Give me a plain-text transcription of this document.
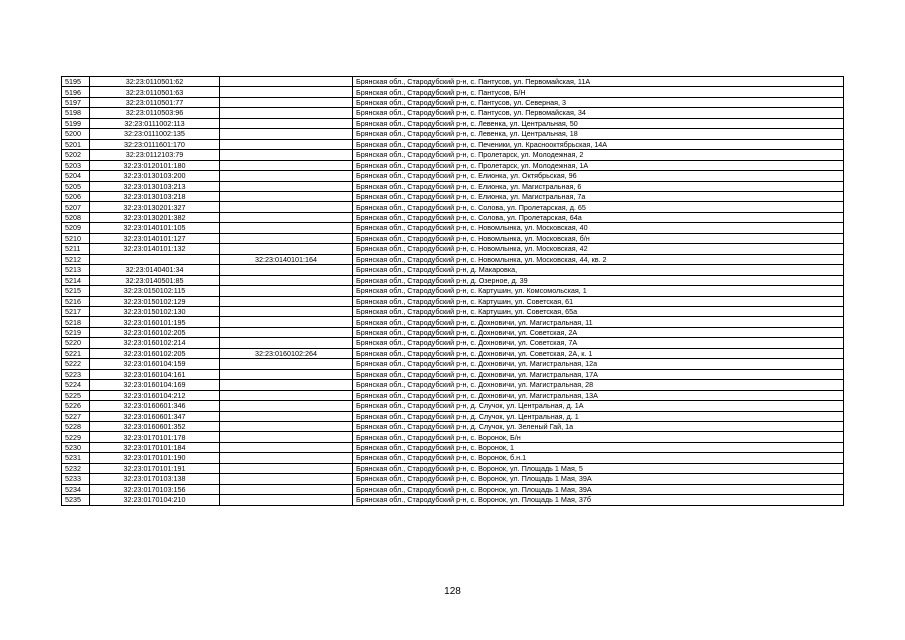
5195	32:23:0110501:62		Брянская обл., Стародубский р-н, с. Пантусов, ул. Первомайская, 11А
5196	32:23:0110501:63		Брянская обл., Стародубский р-н, с. Пантусов, Б/Н
5197	32:23:0110501:77		Брянская обл., Стародубский р-н, с. Пантусов, ул. Северная, 3
5198	32:23:0110503:96		Брянская обл., Стародубский р-н, с. Пантусов, ул. Первомайская, 34
5199	32:23:0111002:113		Брянская обл., Стародубский р-н, с. Левенка, ул. Центральная, 50
5200	32:23:0111002:135		Брянская обл., Стародубский р-н, с. Левенка, ул. Центральная, 18
5201	32:23:0111601:170		Брянская обл., Стародубский р-н, с. Печеники, ул. Краснооктябрьская, 14А
5202	32:23:0112103:79		Брянская обл., Стародубский р-н, с. Пролетарск, ул. Молодежная, 2
5203	32:23:0120101:180		Брянская обл., Стародубский р-н, с. Пролетарск, ул. Молодежная, 1А
5204	32:23:0130103:200		Брянская обл., Стародубский р-н, с. Елионка, ул. Октябрьская, 96
5205	32:23:0130103:213		Брянская обл., Стародубский р-н, с. Елионка, ул. Магистральная, 6
5206	32:23:0130103:218		Брянская обл., Стародубский р-н, с. Елионка, ул. Магистральная, 7а
5207	32:23:0130201:327		Брянская обл., Стародубский р-н, с. Солова, ул. Пролетарская, д. 65
5208	32:23:0130201:382		Брянская обл., Стародубский р-н, с. Солова, ул. Пролетарская, 64а
5209	32:23:0140101:105		Брянская обл., Стародубский р-н, с. Новомлынка, ул. Московская, 40
5210	32:23:0140101:127		Брянская обл., Стародубский р-н, с. Новомлынка, ул. Московская, б/н
5211	32:23:0140101:132		Брянская обл., Стародубский р-н, с. Новомлынка, ул. Московская, 42
5212		32:23:0140101:164	Брянская обл., Стародубский р-н, с. Новомлынка, ул. Московская, 44, кв. 2
5213	32:23:0140401:34		Брянская обл., Стародубский р-н, д. Макаровка,
5214	32:23:0140501:85		Брянская обл., Стародубский р-н, д. Озерное, д. 39
5215	32:23:0150102:115		Брянская обл., Стародубский р-н, с. Картушин, ул. Комсомольская, 1
5216	32:23:0150102:129		Брянская обл., Стародубский р-н, с. Картушин, ул. Советская, 61
5217	32:23:0150102:130		Брянская обл., Стародубский р-н, с. Картушин, ул. Советская, 65а
5218	32:23:0160101:195		Брянская обл., Стародубский р-н, с. Дохновичи, ул. Магистральная, 11
5219	32:23:0160102:205		Брянская обл., Стародубский р-н, с. Дохновичи, ул. Советская, 2А
5220	32:23:0160102:214		Брянская обл., Стародубский р-н, с. Дохновичи, ул. Советская, 7А
5221	32:23:0160102:205	32:23:0160102:264	Брянская обл., Стародубский р-н, с. Дохновичи, ул. Советская, 2А, к. 1
5222	32:23:0160104:159		Брянская обл., Стародубский р-н, с. Дохновичи, ул. Магистральная, 12а
5223	32:23:0160104:161		Брянская обл., Стародубский р-н, с. Дохновичи, ул. Магистральная, 17А
5224	32:23:0160104:169		Брянская обл., Стародубский р-н, с. Дохновичи, ул. Магистральная, 28
5225	32:23:0160104:212		Брянская обл., Стародубский р-н, с. Дохновичи, ул. Магистральная, 13А
5226	32:23:0160601:346		Брянская обл., Стародубский р-н, д. Случок, ул. Центральная, д. 1А
5227	32:23:0160601:347		Брянская обл., Стародубский р-н, д. Случок, ул. Центральная, д. 1
5228	32:23:0160601:352		Брянская обл., Стародубский р-н, д. Случок, ул. Зеленый Гай, 1а
5229	32:23:0170101:178		Брянская обл., Стародубский р-н, с. Воронок, Б/н
5230	32:23:0170101:184		Брянская обл., Стародубский р-н, с. Воронок, 1
5231	32:23:0170101:190		Брянская обл., Стародубский р-н, с. Воронок, б.н.1
5232	32:23:0170101:191		Брянская обл., Стародубский р-н, с. Воронок, ул. Площадь 1 Мая, 5
5233	32:23:0170103:138		Брянская обл., Стародубский р-н, с. Воронок, ул. Площадь 1 Мая, 39А
5234	32:23:0170103:156		Брянская обл., Стародубский р-н, с. Воронок, ул. Площадь 1 Мая, 39А
5235	32:23:0170104:210		Брянская обл., Стародубский р-н, с. Воронок, ул. Площадь 1 Мая, 37б
128
